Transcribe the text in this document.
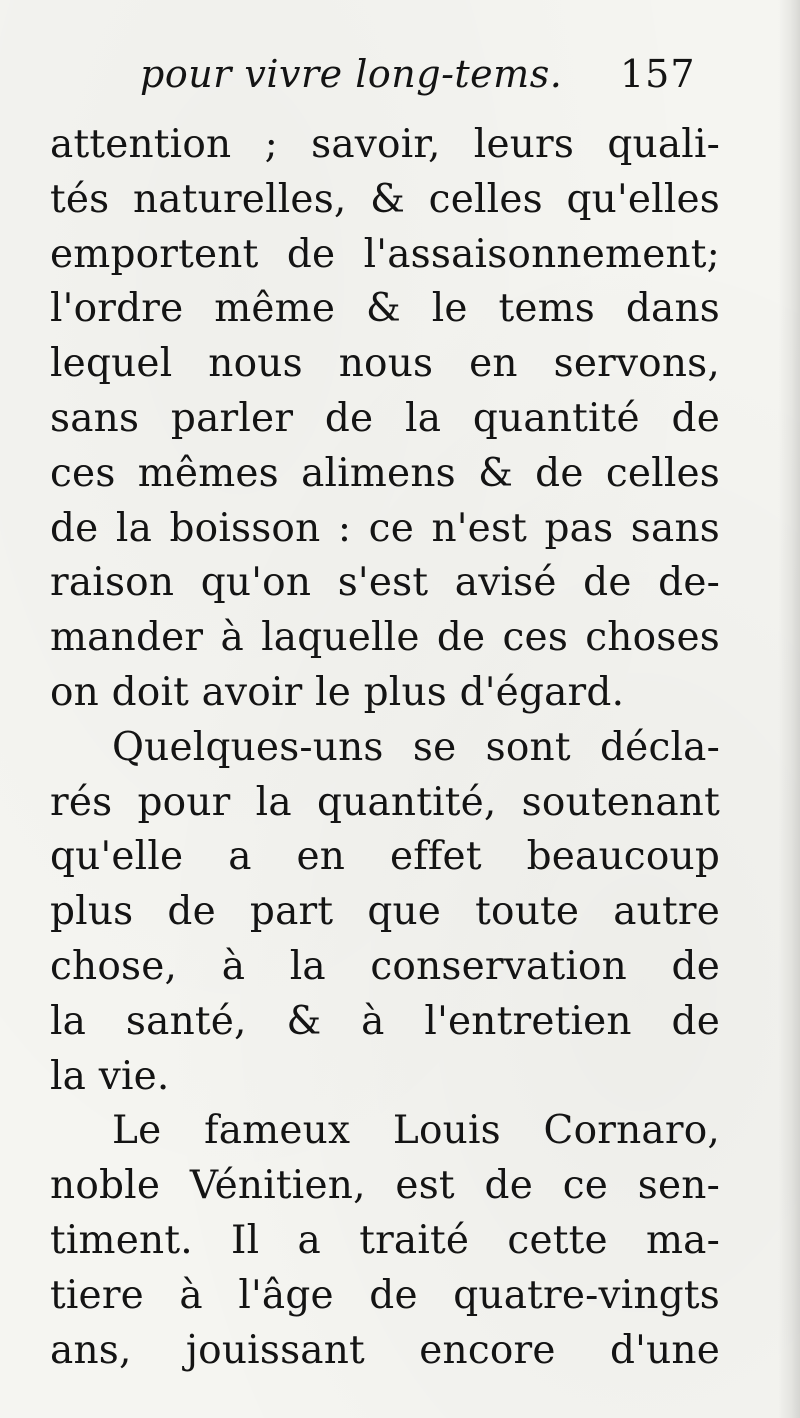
pour vivre long-tems. 157
attention ; savoir, leurs quali-
tés naturelles, & celles qu'elles
emportent de l'assaisonnement;
l'ordre même & le tems dans
lequel nous nous en servons,
sans parler de la quantité de
ces mêmes alimens & de celles
de la boisson : ce n'est pas sans
raison qu'on s'est avisé de de-
mander à laquelle de ces choses
on doit avoir le plus d'égard.
Quelques-uns se sont décla-
rés pour la quantité, soutenant
qu'elle a en effet beaucoup
plus de part que toute autre
chose, à la conservation de
la santé, & à l'entretien de
la vie.
Le fameux Louis Cornaro,
noble Vénitien, est de ce sen-
timent. Il a traité cette ma-
tiere à l'âge de quatre-vingts
ans, jouissant encore d'une
